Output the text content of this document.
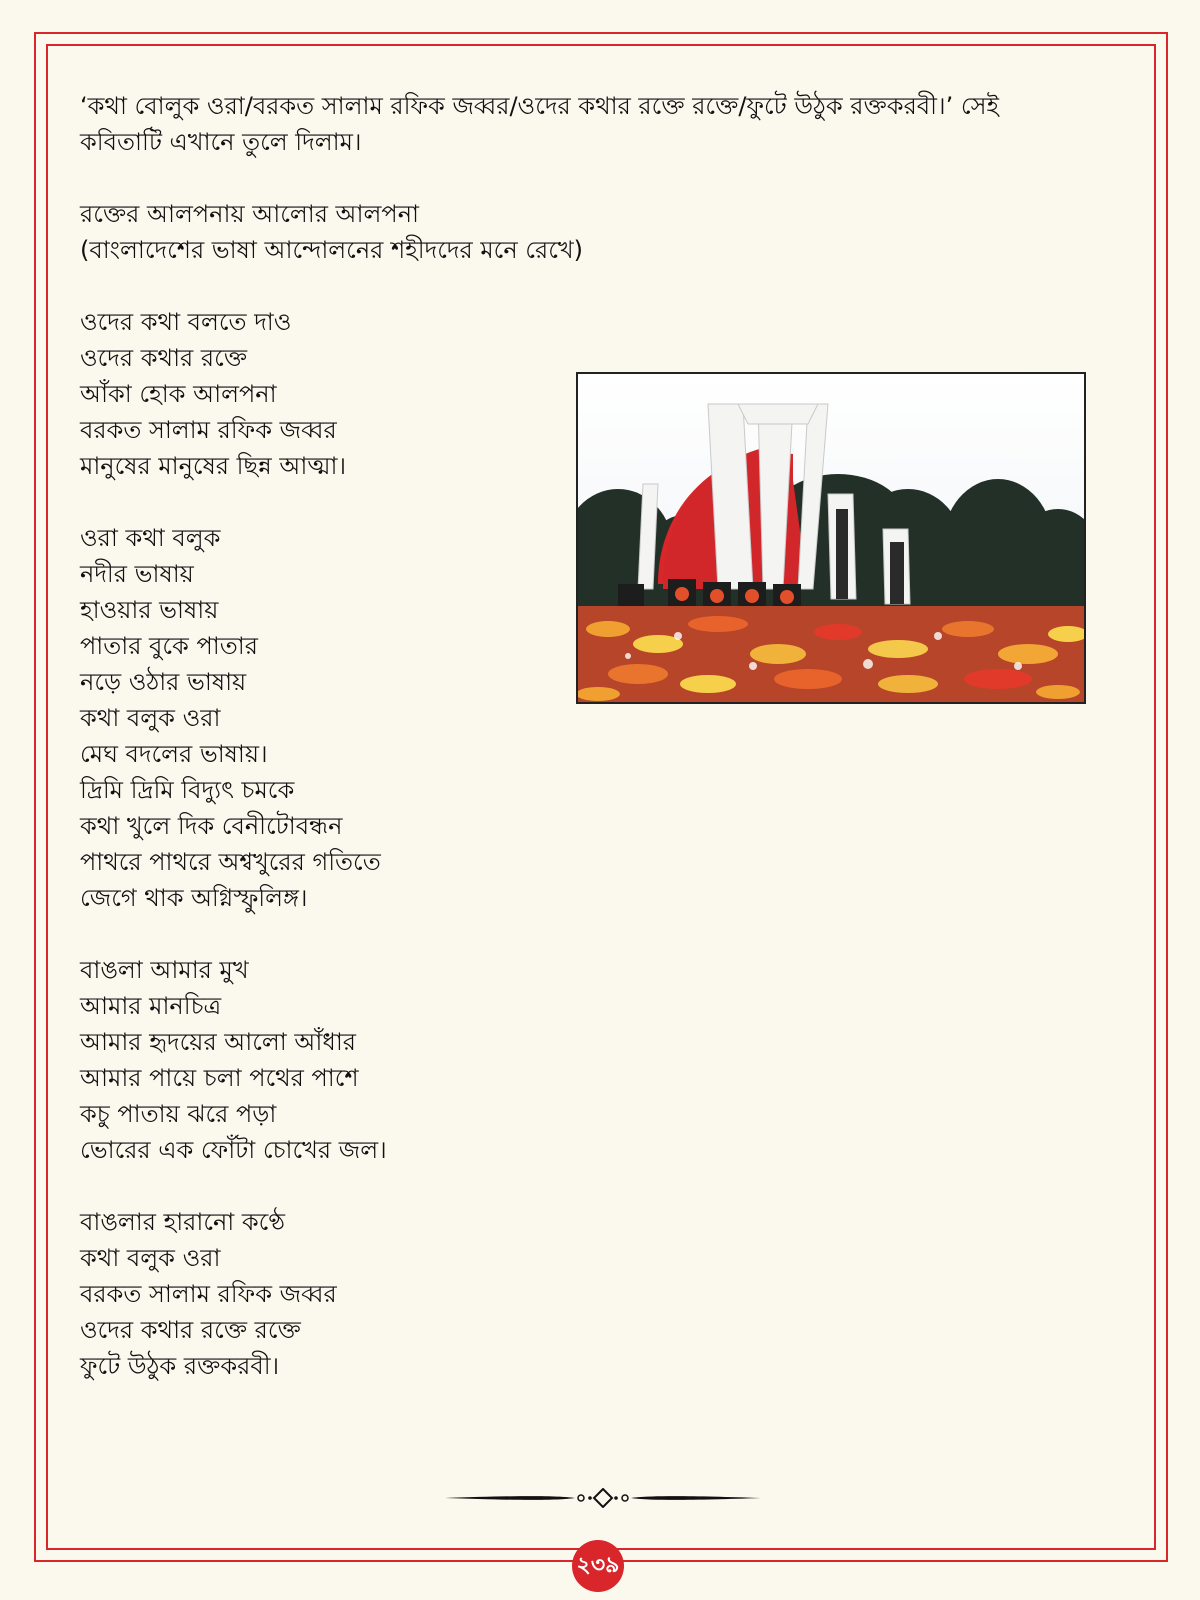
‘কথা বোলুক ওরা/বরকত সালাম রফিক জব্বর/ওদের কথার রক্তে রক্তে/ফুটে উঠুক রক্তকরবী।’ সেই
কবিতাটি এখানে তুলে দিলাম।
রক্তের আলপনায় আলোর আলপনা
(বাংলাদেশের ভাষা আন্দোলনের শহীদদের মনে রেখে)
ওদের কথা বলতে দাও
ওদের কথার রক্তে
আঁকা হোক আলপনা
বরকত সালাম রফিক জব্বর
মানুষের মানুষের ছিন্ন আত্মা।
ওরা কথা বলুক
নদীর ভাষায়
হাওয়ার ভাষায়
পাতার বুকে পাতার
নড়ে ওঠার ভাষায়
কথা বলুক ওরা
মেঘ বদলের ভাষায়।
দ্রিমি দ্রিমি বিদ্যুৎ চমকে
কথা খুলে দিক বেনীটোবন্ধন
পাথরে পাথরে অশ্বখুরের গতিতে
জেগে থাক অগ্নিস্ফুলিঙ্গ।
বাঙলা আমার মুখ
আমার মানচিত্র
আমার হৃদয়ের আলো আঁধার
আমার পায়ে চলা পথের পাশে
কচু পাতায় ঝরে পড়া
ভোরের এক ফোঁটা চোখের জল।
বাঙলার হারানো কণ্ঠে
কথা বলুক ওরা
বরকত সালাম রফিক জব্বর
ওদের কথার রক্তে রক্তে
ফুটে উঠুক রক্তকরবী।
২৩৯
